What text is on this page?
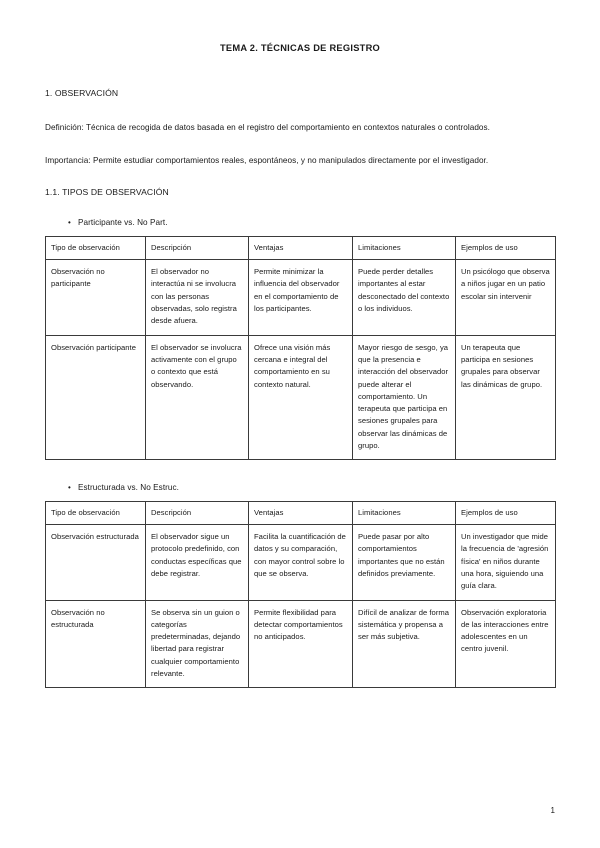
TEMA 2. TÉCNICAS DE REGISTRO
1. OBSERVACIÓN

Definición: Técnica de recogida de datos basada en el registro del comportamiento en contextos naturales o controlados.

Importancia: Permite estudiar comportamientos reales, espontáneos, y no manipulados directamente por el investigador.

1.1. TIPOS DE OBSERVACIÓN
• Participante vs. No Part.
Tipo de observación	Descripción	Ventajas	Limitaciones	Ejemplos de uso
Observación no participante	El observador no interactúa ni se involucra con las personas observadas, solo registra desde afuera.	Permite minimizar la influencia del observador en el comportamiento de los participantes.	Puede perder detalles importantes al estar desconectado del contexto o los individuos.	Un psicólogo que observa a niños jugar en un patio escolar sin intervenir
Observación participante	El observador se involucra activamente con el grupo o contexto que está observando.	Ofrece una visión más cercana e integral del comportamiento en su contexto natural.	Mayor riesgo de sesgo, ya que la presencia e interacción del observador puede alterar el comportamiento. Un terapeuta que participa en sesiones grupales para observar las dinámicas de grupo.	Un terapeuta que participa en sesiones grupales para observar las dinámicas de grupo.
• Estructurada vs. No Estruc.
Tipo de observación	Descripción	Ventajas	Limitaciones	Ejemplos de uso
Observación estructurada	El observador sigue un protocolo predefinido, con conductas específicas que debe registrar.	Facilita la cuantificación de datos y su comparación, con mayor control sobre lo que se observa.	Puede pasar por alto comportamientos importantes que no están definidos previamente.	Un investigador que mide la frecuencia de 'agresión física' en niños durante una hora, siguiendo una guía clara.
Observación no estructurada	Se observa sin un guion o categorías predeterminadas, dejando libertad para registrar cualquier comportamiento relevante.	Permite flexibilidad para detectar comportamientos no anticipados.	Difícil de analizar de forma sistemática y propensa a ser más subjetiva.	Observación exploratoria de las interacciones entre adolescentes en un centro juvenil.
1
